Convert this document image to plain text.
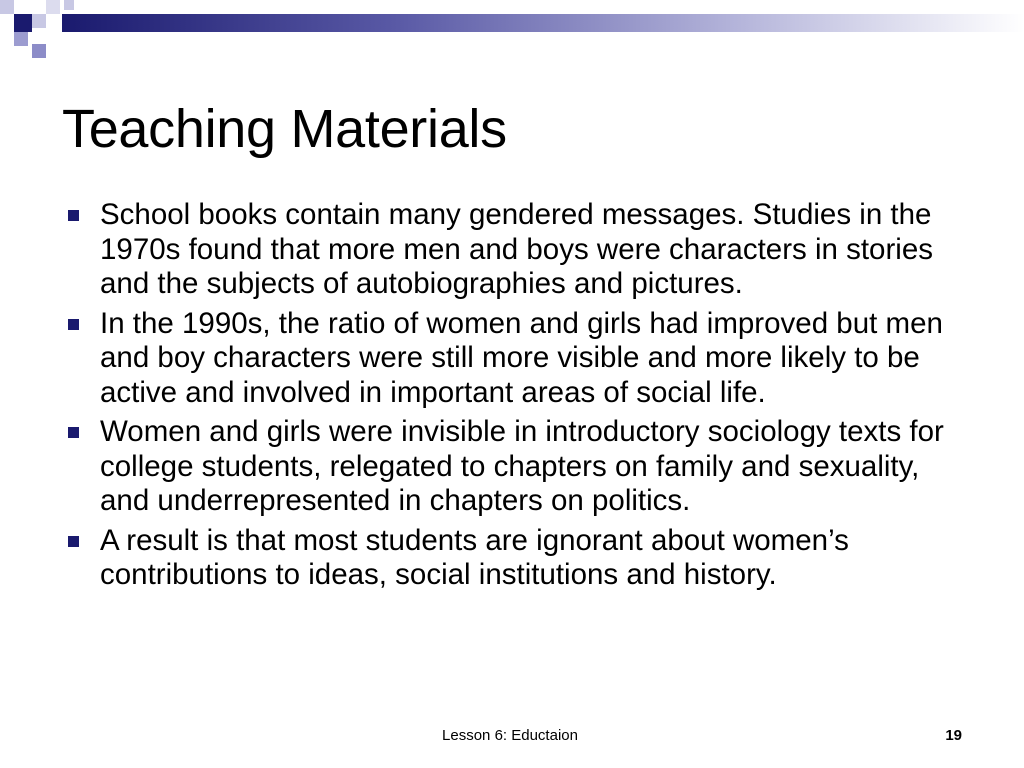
Teaching Materials
School books contain many gendered messages. Studies in the 1970s found that more men and boys were characters in stories and the subjects of autobiographies and pictures.
In the 1990s, the ratio of women and girls had improved but men and boy characters were still more visible and more likely to be active and involved in important areas of social life.
Women and girls were invisible in introductory sociology texts for college students, relegated to chapters on family and sexuality, and underrepresented in chapters on politics.
A result is that most students are ignorant about women’s contributions to ideas, social institutions and history.
Lesson 6: Eductaion	19
